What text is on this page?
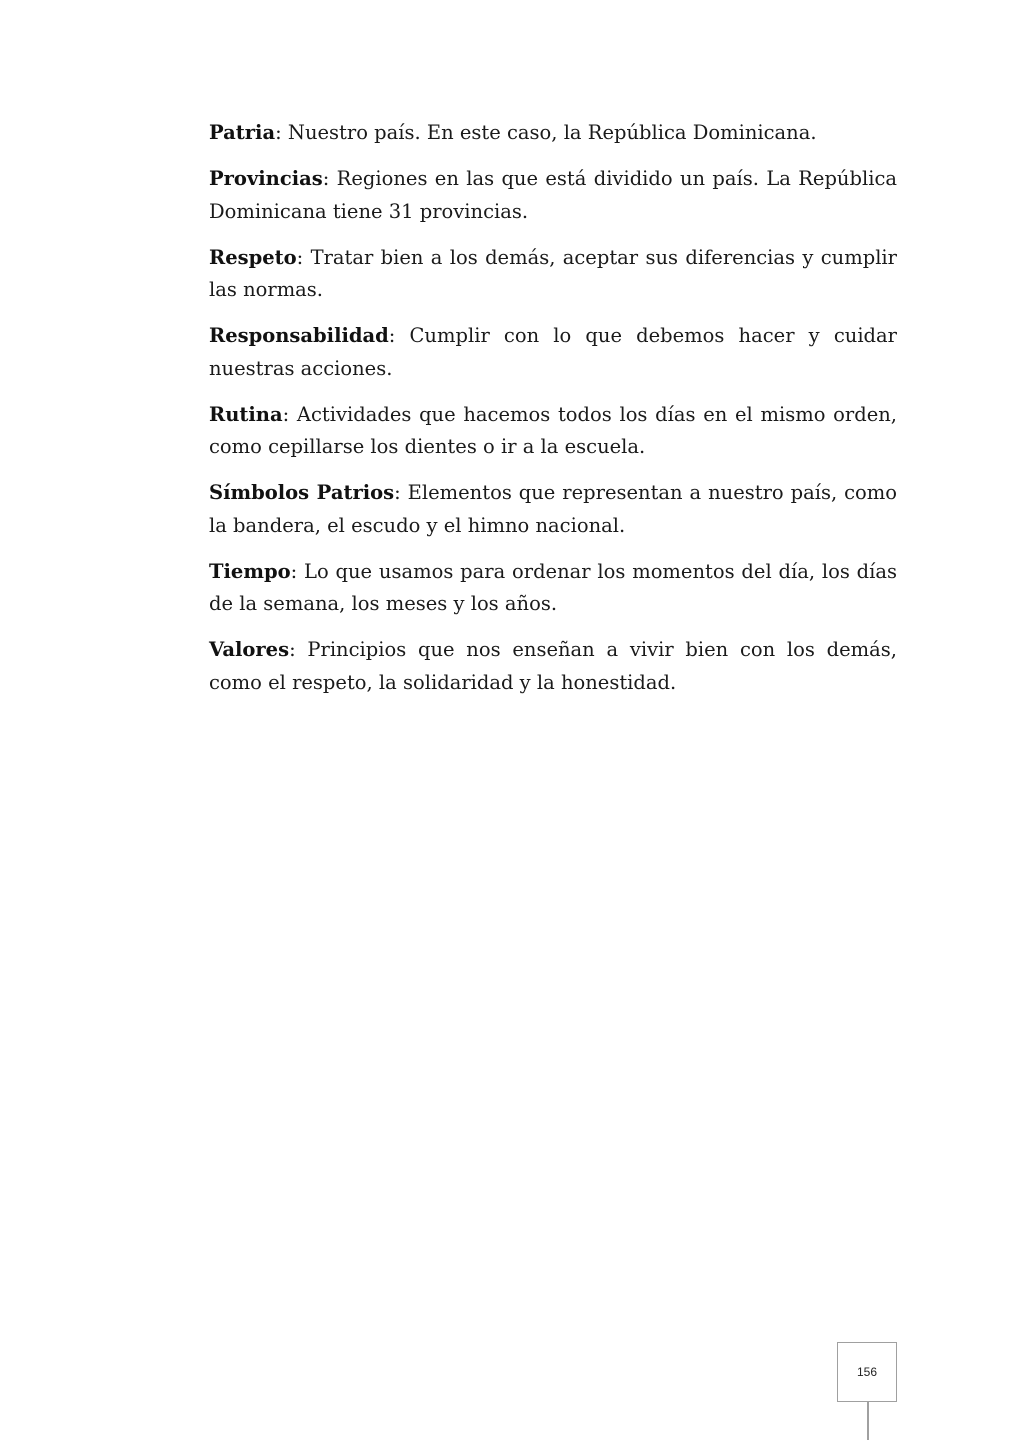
Patria: Nuestro país. En este caso, la República Dominicana.

Provincias: Regiones en las que está dividido un país. La República Dominicana tiene 31 provincias.

Respeto: Tratar bien a los demás, aceptar sus diferencias y cumplir las normas.

Responsabilidad: Cumplir con lo que debemos hacer y cuidar nuestras acciones.

Rutina: Actividades que hacemos todos los días en el mismo orden, como cepillarse los dientes o ir a la escuela.

Símbolos Patrios: Elementos que representan a nuestro país, como la bandera, el escudo y el himno nacional.

Tiempo: Lo que usamos para ordenar los momentos del día, los días de la semana, los meses y los años.

Valores: Principios que nos enseñan a vivir bien con los demás, como el respeto, la solidaridad y la honestidad.

156
